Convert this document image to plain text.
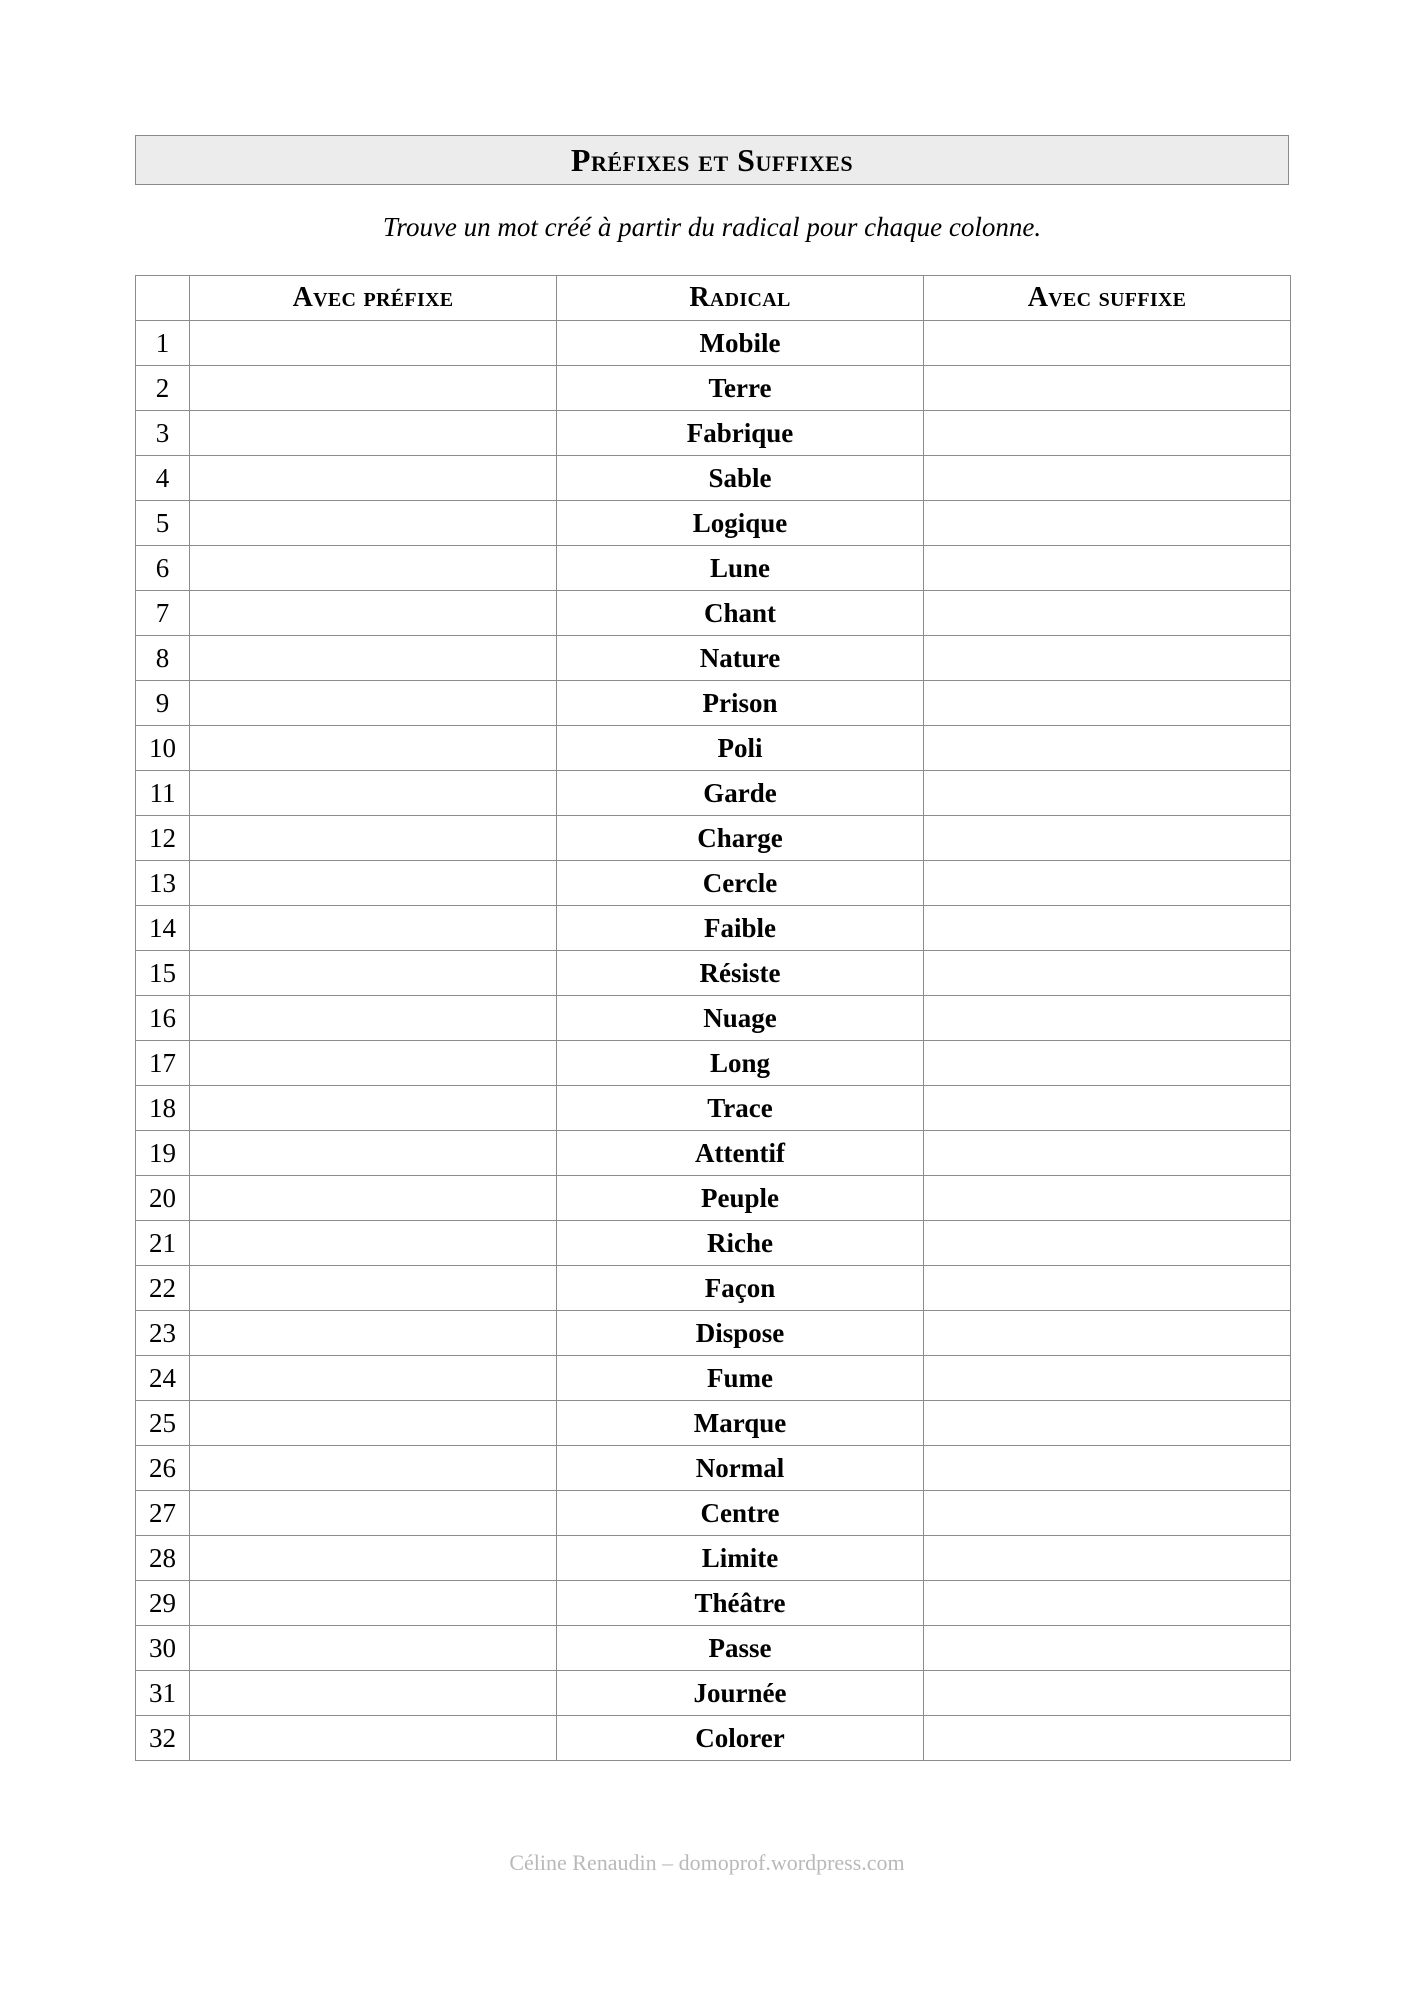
Préfixes et Suffixes
Trouve un mot créé à partir du radical pour chaque colonne.
	Avec préfixe	Radical	Avec suffixe
1		Mobile	
2		Terre	
3		Fabrique	
4		Sable	
5		Logique	
6		Lune	
7		Chant	
8		Nature	
9		Prison	
10		Poli	
11		Garde	
12		Charge	
13		Cercle	
14		Faible	
15		Résiste	
16		Nuage	
17		Long	
18		Trace	
19		Attentif	
20		Peuple	
21		Riche	
22		Façon	
23		Dispose	
24		Fume	
25		Marque	
26		Normal	
27		Centre	
28		Limite	
29		Théâtre	
30		Passe	
31		Journée	
32		Colorer	
Céline Renaudin – domoprof.wordpress.com
